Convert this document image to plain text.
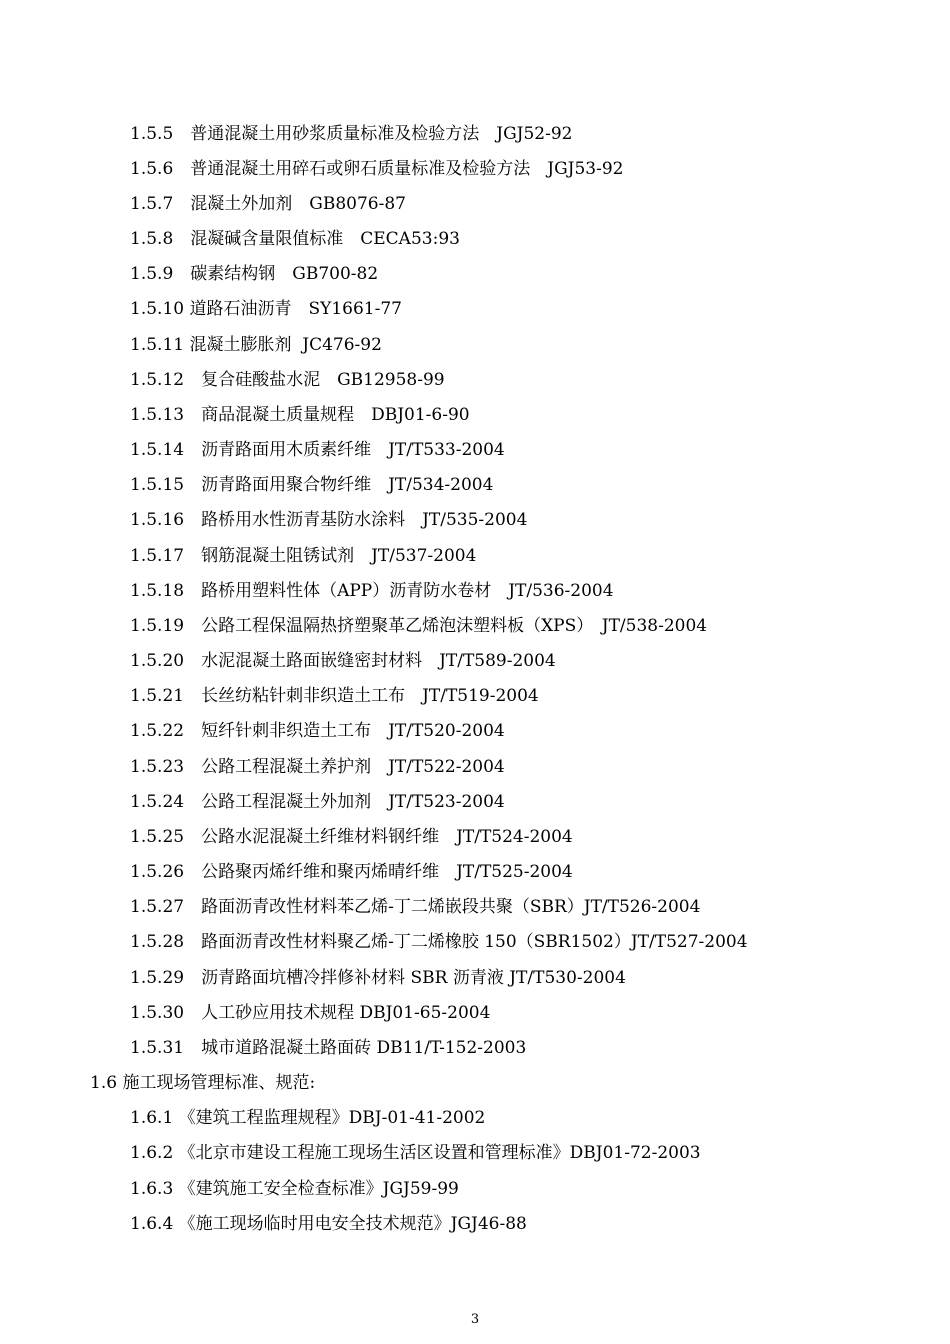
1.5.5　普通混凝土用砂浆质量标准及检验方法　JGJ52-92
1.5.6　普通混凝土用碎石或卵石质量标准及检验方法　JGJ53-92
1.5.7　混凝土外加剂　GB8076-87
1.5.8　混凝碱含量限值标准　CECA53:93
1.5.9　碳素结构钢　GB700-82
1.5.10 道路石油沥青　SY1661-77
1.5.11 混凝土膨胀剂  JC476-92
1.5.12　复合硅酸盐水泥　GB12958-99
1.5.13　商品混凝土质量规程　DBJ01-6-90
1.5.14　沥青路面用木质素纤维　JT/T533-2004
1.5.15　沥青路面用聚合物纤维　JT/534-2004
1.5.16　路桥用水性沥青基防水涂料　JT/535-2004
1.5.17　钢筋混凝土阻锈试剂　JT/537-2004
1.5.18　路桥用塑料性体（APP）沥青防水卷材　JT/536-2004
1.5.19　公路工程保温隔热挤塑聚革乙烯泡沫塑料板（XPS）　JT/538-2004
1.5.20　水泥混凝土路面嵌缝密封材料　JT/T589-2004
1.5.21　长丝纺粘针刺非织造土工布　JT/T519-2004
1.5.22　短纤针刺非织造土工布　JT/T520-2004
1.5.23　公路工程混凝土养护剂　JT/T522-2004
1.5.24　公路工程混凝土外加剂　JT/T523-2004
1.5.25　公路水泥混凝土纤维材料钢纤维　JT/T524-2004
1.5.26　公路聚丙烯纤维和聚丙烯晴纤维　JT/T525-2004
1.5.27　路面沥青改性材料苯乙烯-丁二烯嵌段共聚（SBR）JT/T526-2004
1.5.28　路面沥青改性材料聚乙烯-丁二烯橡胶 150（SBR1502）JT/T527-2004
1.5.29　沥青路面坑槽冷拌修补材料 SBR 沥青液 JT/T530-2004
1.5.30　人工砂应用技术规程 DBJ01-65-2004
1.5.31　城市道路混凝土路面砖 DB11/T-152-2003
1.6 施工现场管理标准、规范:
1.6.1 《建筑工程监理规程》DBJ-01-41-2002
1.6.2 《北京市建设工程施工现场生活区设置和管理标准》DBJ01-72-2003
1.6.3 《建筑施工安全检查标准》JGJ59-99
1.6.4 《施工现场临时用电安全技术规范》JGJ46-88
3
